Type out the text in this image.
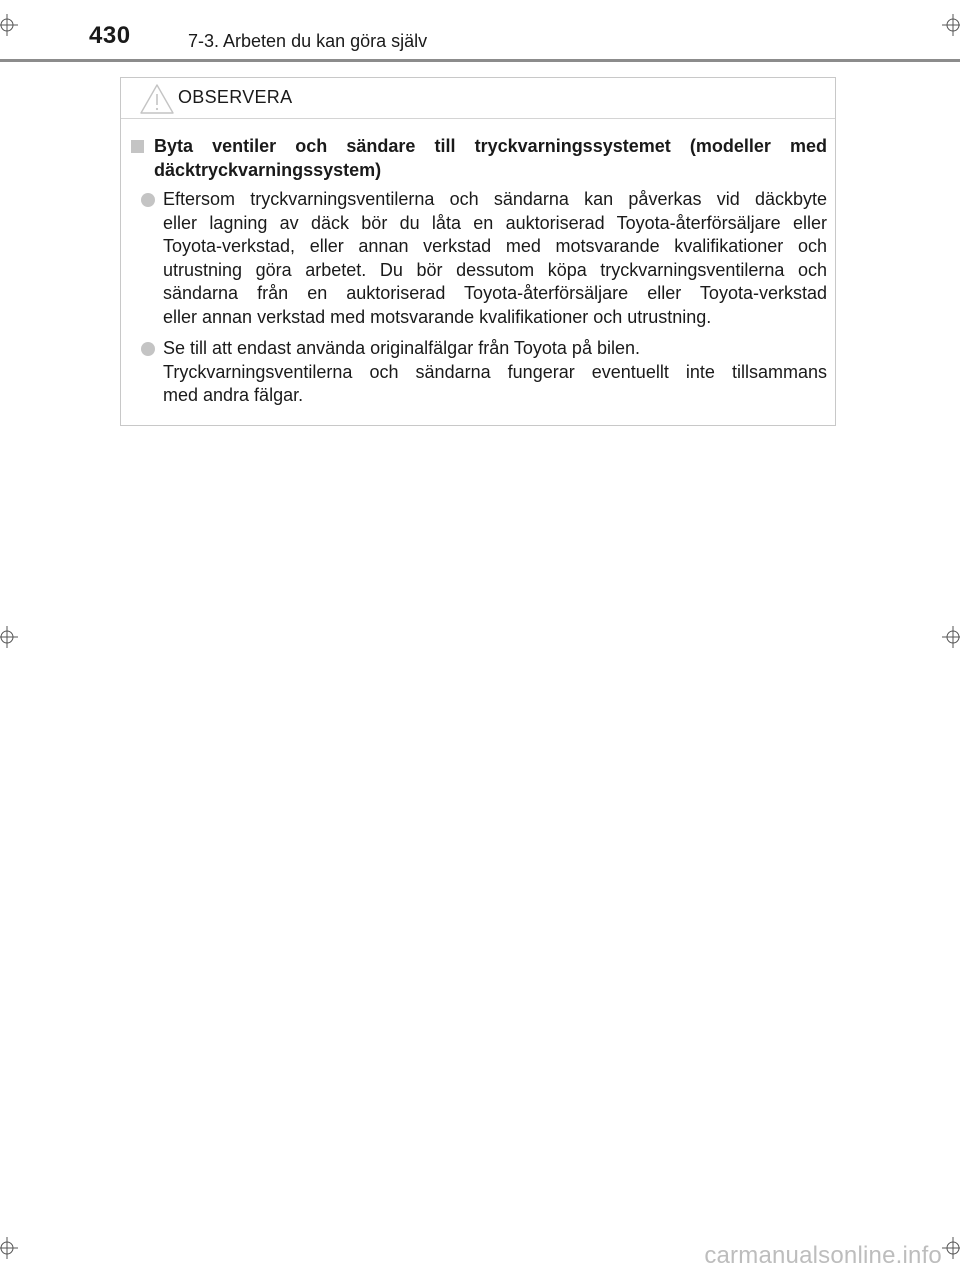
430	7-3. Arbeten du kan göra själv
OBSERVERA
Byta ventiler och sändare till tryckvarningssystemet (modeller med däcktryckvarningssystem)
Eftersom tryckvarningsventilerna och sändarna kan påverkas vid däckbyte
eller lagning av däck bör du låta en auktoriserad Toyota-återförsäljare eller
Toyota-verkstad, eller annan verkstad med motsvarande kvalifikationer och
utrustning göra arbetet. Du bör dessutom köpa tryckvarningsventilerna och
sändarna från en auktoriserad Toyota-återförsäljare eller Toyota-verkstad
eller annan verkstad med motsvarande kvalifikationer och utrustning.
Se till att endast använda originalfälgar från Toyota på bilen.
Tryckvarningsventilerna och sändarna fungerar eventuellt inte tillsammans
med andra fälgar.
carmanualsonline.info
